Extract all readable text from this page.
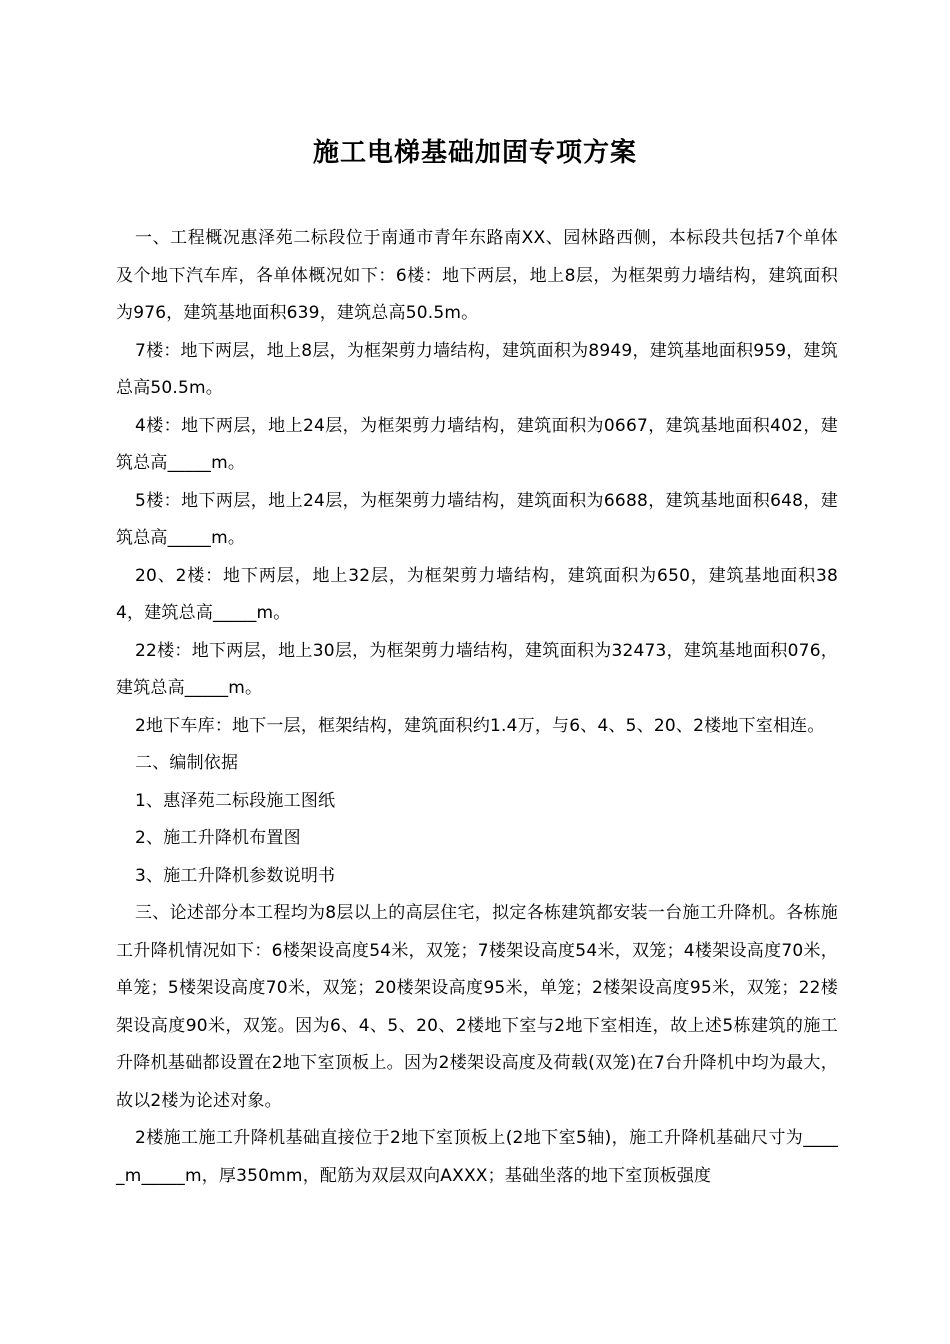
施工电梯基础加固专项方案

一、工程概况惠泽苑二标段位于南通市青年东路南XX、园林路西侧，本标段共包括7个单体及个地下汽车库，各单体概况如下：6楼：地下两层，地上8层，为框架剪力墙结构，建筑面积为976，建筑基地面积639，建筑总高50.5m。

7楼：地下两层，地上8层，为框架剪力墙结构，建筑面积为8949，建筑基地面积959，建筑总高50.5m。

4楼：地下两层，地上24层，为框架剪力墙结构，建筑面积为0667，建筑基地面积402，建筑总高_____m。

5楼：地下两层，地上24层，为框架剪力墙结构，建筑面积为6688，建筑基地面积648，建筑总高_____m。

20、2楼：地下两层，地上32层，为框架剪力墙结构，建筑面积为650，建筑基地面积384，建筑总高_____m。

22楼：地下两层，地上30层，为框架剪力墙结构，建筑面积为32473，建筑基地面积076，建筑总高_____m。

2地下车库：地下一层，框架结构，建筑面积约1.4万，与6、4、5、20、2楼地下室相连。

二、编制依据

1、惠泽苑二标段施工图纸

2、施工升降机布置图

3、施工升降机参数说明书

三、论述部分本工程均为8层以上的高层住宅，拟定各栋建筑都安装一台施工升降机。各栋施工升降机情况如下：6楼架设高度54米，双笼；7楼架设高度54米，双笼；4楼架设高度70米，单笼；5楼架设高度70米，双笼；20楼架设高度95米，单笼；2楼架设高度95米，双笼；22楼架设高度90米，双笼。因为6、4、5、20、2楼地下室与2地下室相连，故上述5栋建筑的施工升降机基础都设置在2地下室顶板上。因为2楼架设高度及荷载(双笼)在7台升降机中均为最大，故以2楼为论述对象。

2楼施工施工升降机基础直接位于2地下室顶板上(2地下室5轴)，施工升降机基础尺寸为_____m_____m，厚350mm，配筋为双层双向AXXX；基础坐落的地下室顶板强度
